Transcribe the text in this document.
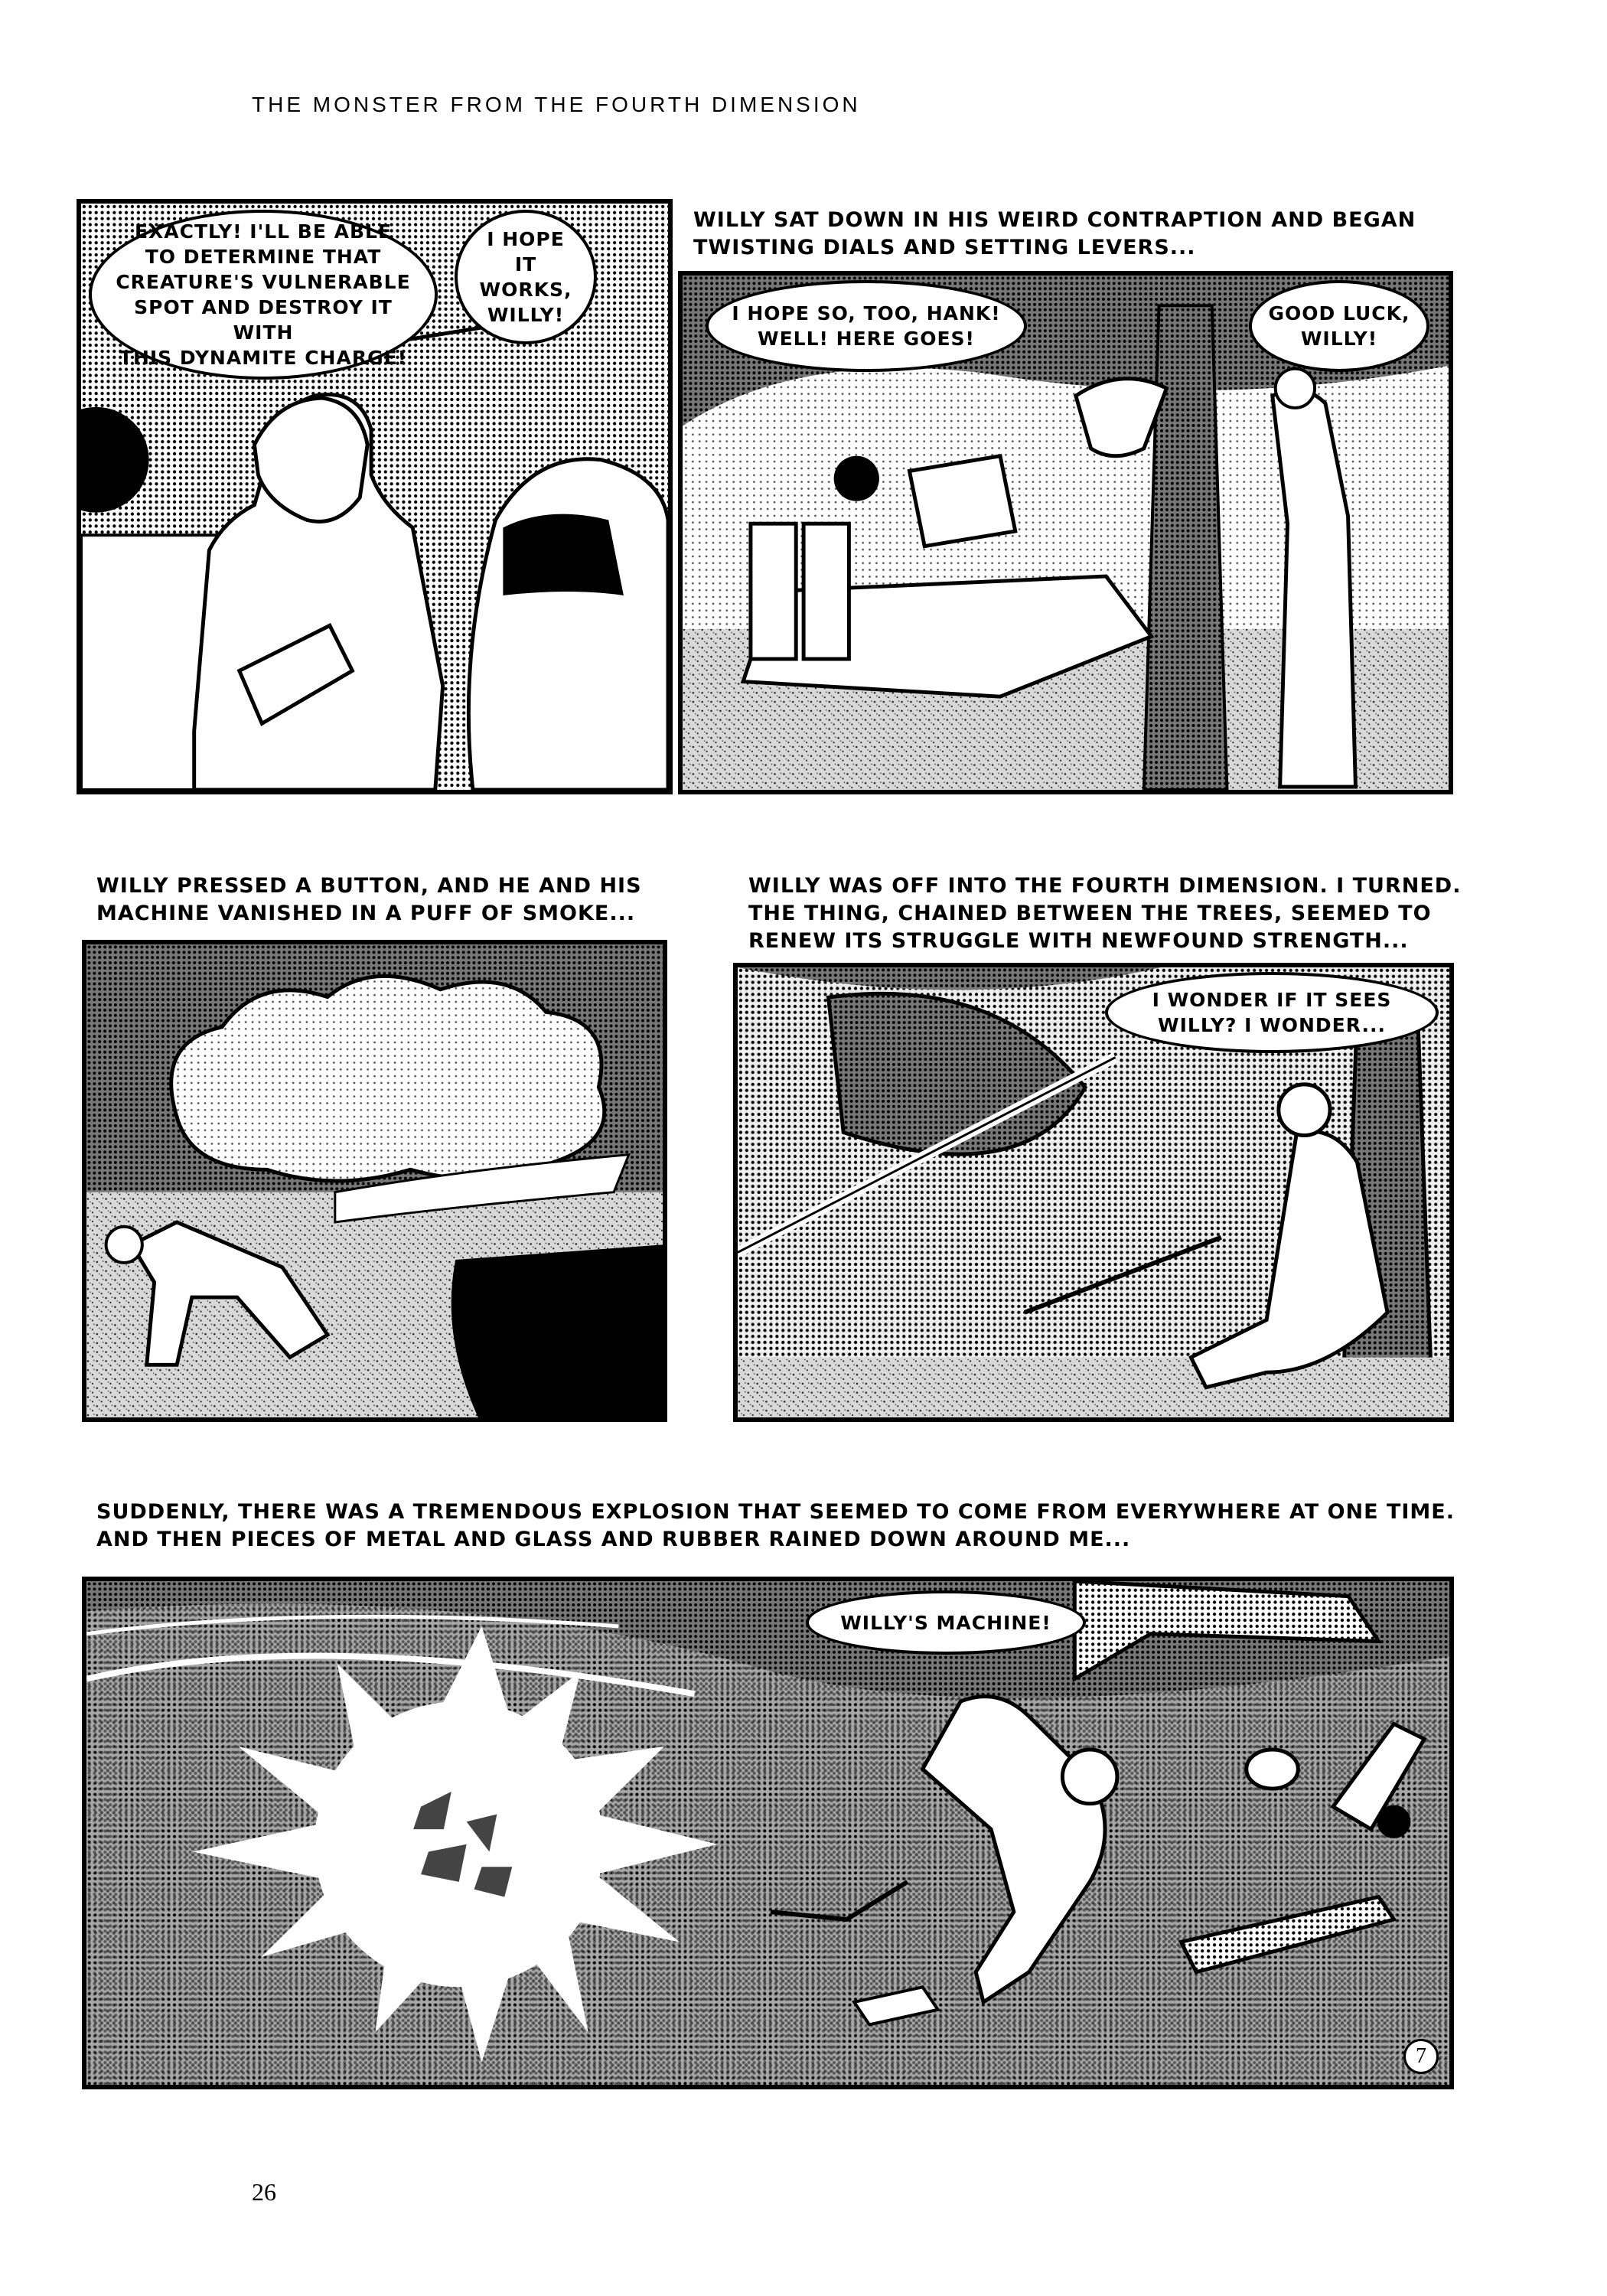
THE MONSTER FROM THE FOURTH DIMENSION
EXACTLY! I'LL BE ABLE
TO DETERMINE THAT
CREATURE'S VULNERABLE
SPOT AND DESTROY IT WITH
THIS DYNAMITE CHARGE!
I HOPE
IT WORKS,
WILLY!
WILLY SAT DOWN IN HIS WEIRD CONTRAPTION AND BEGAN
TWISTING DIALS AND SETTING LEVERS...
I HOPE SO, TOO, HANK!
WELL! HERE GOES!
GOOD LUCK,
WILLY!
WILLY PRESSED A BUTTON, AND HE AND HIS
MACHINE VANISHED IN A PUFF OF SMOKE...
WILLY WAS OFF INTO THE FOURTH DIMENSION. I TURNED.
THE THING, CHAINED BETWEEN THE TREES, SEEMED TO
RENEW ITS STRUGGLE WITH NEWFOUND STRENGTH...
I WONDER IF IT SEES
WILLY? I WONDER...
SUDDENLY, THERE WAS A TREMENDOUS EXPLOSION THAT SEEMED TO COME FROM EVERYWHERE AT ONE TIME.
AND THEN PIECES OF METAL AND GLASS AND RUBBER RAINED DOWN AROUND ME...
WILLY'S MACHINE!
7
26
